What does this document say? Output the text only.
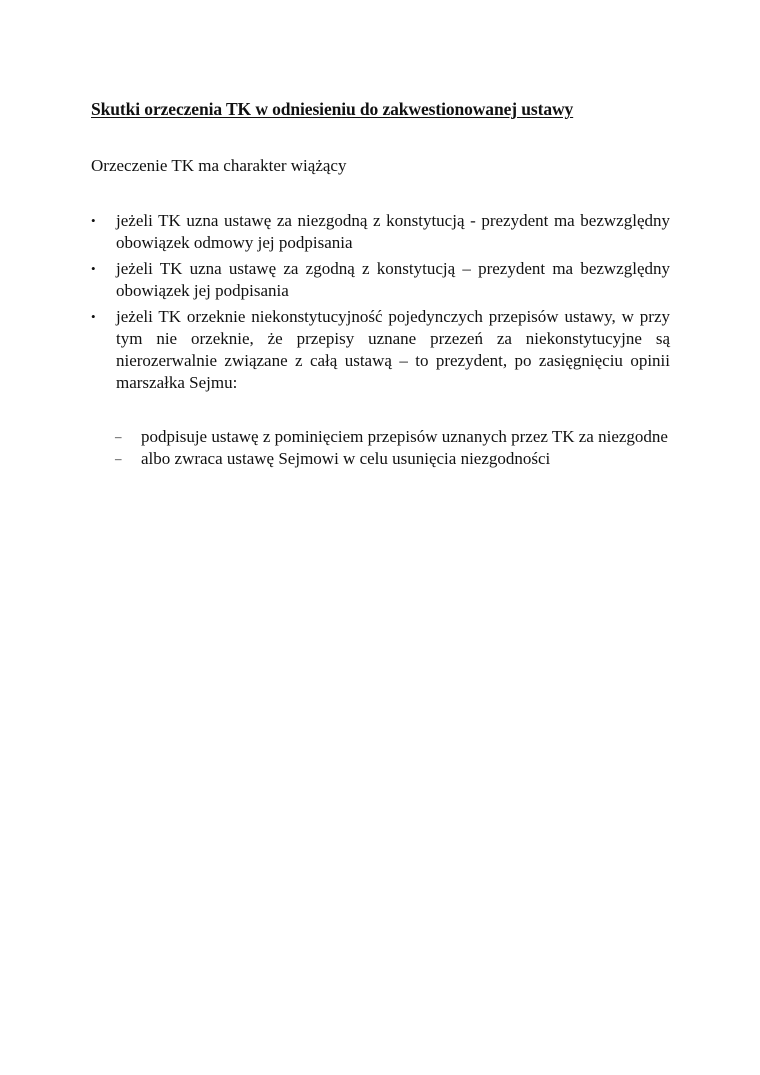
Skutki orzeczenia TK w odniesieniu do zakwestionowanej ustawy
Orzeczenie TK ma charakter wiążący
•	jeżeli TK uzna ustawę za niezgodną z konstytucją - prezydent ma bezwzględny obowiązek odmowy jej podpisania
•	jeżeli TK uzna ustawę za zgodną z konstytucją – prezydent ma bezwzględny obowiązek jej podpisania
•	jeżeli TK orzeknie niekonstytucyjność pojedynczych przepisów ustawy, w przy tym nie orzeknie, że przepisy uznane przezeń za niekonstytucyjne są nierozerwalnie związane z całą ustawą – to prezydent, po zasięgnięciu opinii marszałka Sejmu:
– podpisuje ustawę z pominięciem przepisów uznanych przez TK za niezgodne
– albo zwraca ustawę Sejmowi w celu usunięcia niezgodności
